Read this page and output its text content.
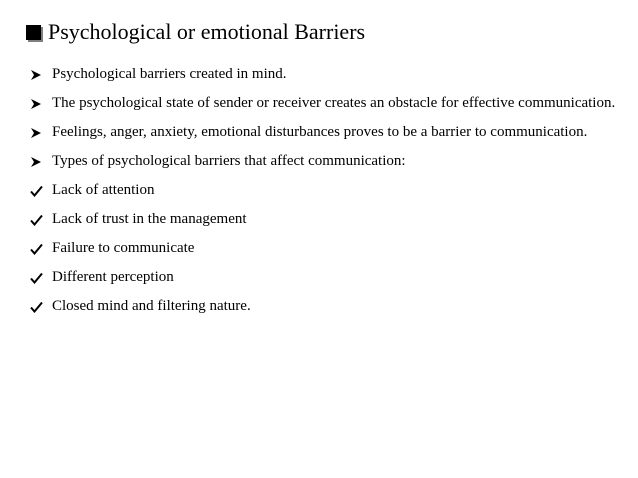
Psychological or emotional Barriers
Psychological barriers created in mind.
The psychological state of sender or receiver creates an obstacle for effective communication.
Feelings, anger, anxiety, emotional disturbances proves to be a barrier to communication.
Types of psychological barriers that affect communication:
Lack of attention
Lack of trust in the management
Failure to communicate
Different perception
Closed mind and filtering nature.
